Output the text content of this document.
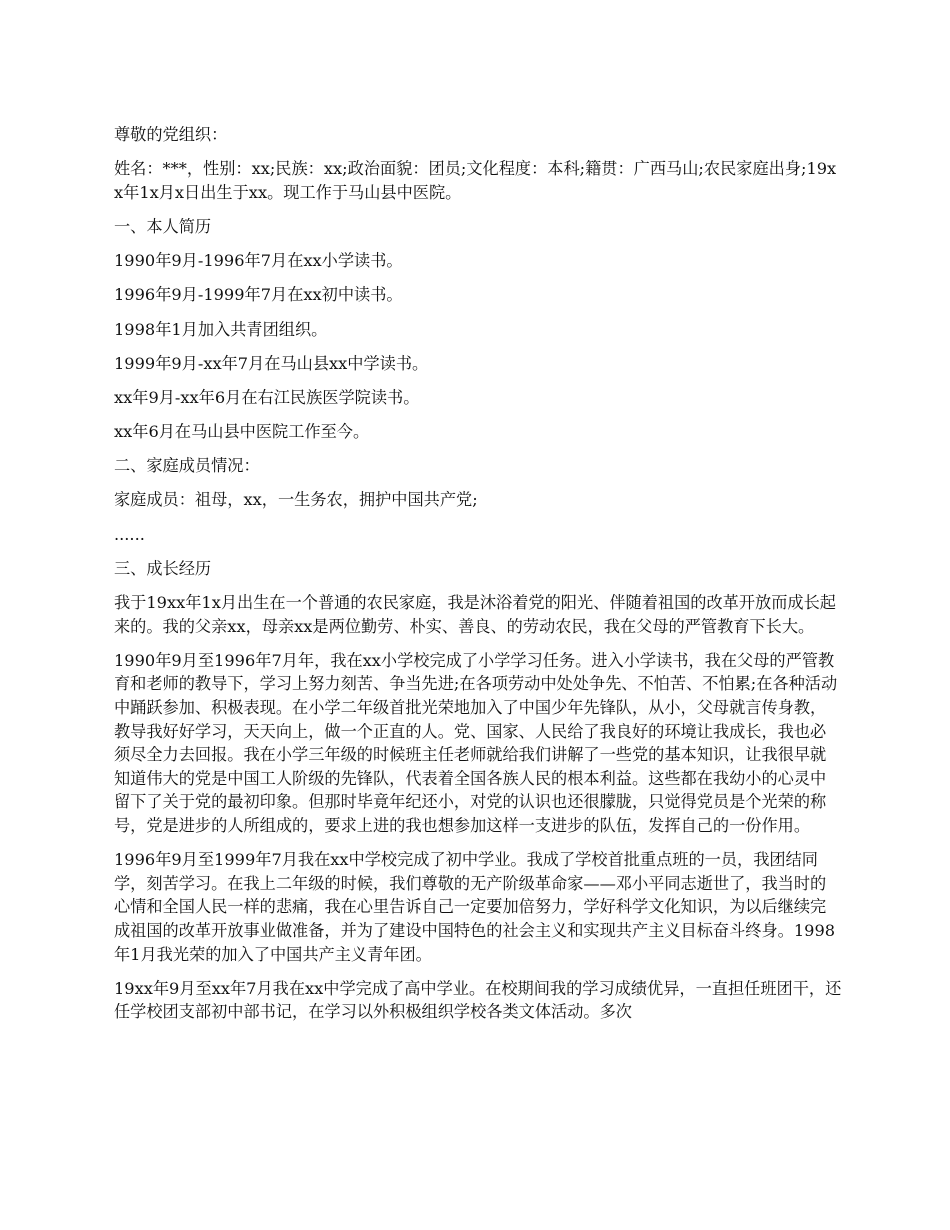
尊敬的党组织：

姓名：***，性别：xx;民族：xx;政治面貌：团员;文化程度：本科;籍贯：广西马山;农民家庭出身;19xx年1x月x日出生于xx。现工作于马山县中医院。

一、本人简历

1990年9月-1996年7月在xx小学读书。

1996年9月-1999年7月在xx初中读书。

1998年1月加入共青团组织。

1999年9月-xx年7月在马山县xx中学读书。

xx年9月-xx年6月在右江民族医学院读书。

xx年6月在马山县中医院工作至今。

二、家庭成员情况：

家庭成员：祖母，xx，一生务农，拥护中国共产党;

......

三、成长经历

我于19xx年1x月出生在一个普通的农民家庭，我是沐浴着党的阳光、伴随着祖国的改革开放而成长起来的。我的父亲xx，母亲xx是两位勤劳、朴实、善良、的劳动农民，我在父母的严管教育下长大。

1990年9月至1996年7月年，我在xx小学校完成了小学学习任务。进入小学读书，我在父母的严管教育和老师的教导下，学习上努力刻苦、争当先进;在各项劳动中处处争先、不怕苦、不怕累;在各种活动中踊跃参加、积极表现。在小学二年级首批光荣地加入了中国少年先锋队，从小，父母就言传身教，教导我好好学习，天天向上，做一个正直的人。党、国家、人民给了我良好的环境让我成长，我也必须尽全力去回报。我在小学三年级的时候班主任老师就给我们讲解了一些党的基本知识，让我很早就知道伟大的党是中国工人阶级的先锋队，代表着全国各族人民的根本利益。这些都在我幼小的心灵中留下了关于党的最初印象。但那时毕竟年纪还小，对党的认识也还很朦胧，只觉得党员是个光荣的称号，党是进步的人所组成的，要求上进的我也想参加这样一支进步的队伍，发挥自己的一份作用。

1996年9月至1999年7月我在xx中学校完成了初中学业。我成了学校首批重点班的一员，我团结同学，刻苦学习。在我上二年级的时候，我们尊敬的无产阶级革命家——邓小平同志逝世了，我当时的心情和全国人民一样的悲痛，我在心里告诉自己一定要加倍努力，学好科学文化知识，为以后继续完成祖国的改革开放事业做准备，并为了建设中国特色的社会主义和实现共产主义目标奋斗终身。1998年1月我光荣的加入了中国共产主义青年团。

19xx年9月至xx年7月我在xx中学完成了高中学业。在校期间我的学习成绩优异，一直担任班团干，还任学校团支部初中部书记，在学习以外积极组织学校各类文体活动。多次
